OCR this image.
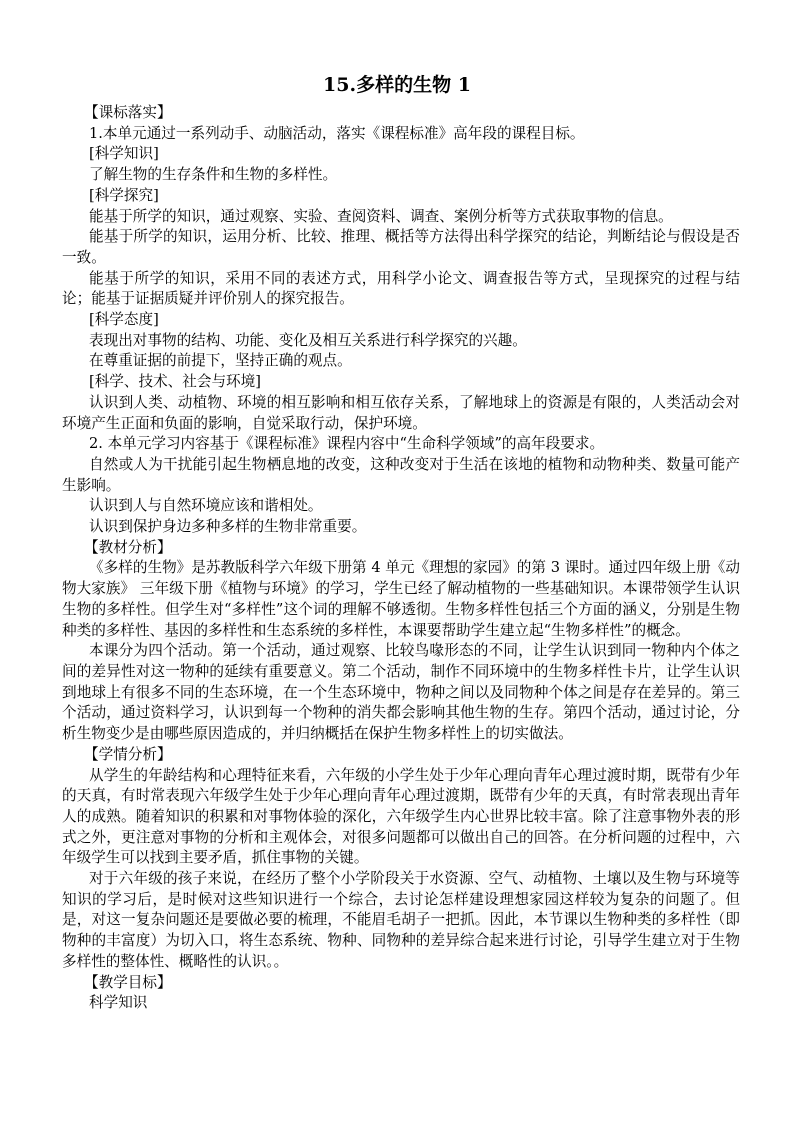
15.多样的生物 1

【课标落实】

1.本单元通过一系列动手、动脑活动，落实《课程标准》高年段的课程目标。

[科学知识]

了解生物的生存条件和生物的多样性。

[科学探究]

能基于所学的知识，通过观察、实验、查阅资料、调查、案例分析等方式获取事物的信息。

能基于所学的知识，运用分析、比较、推理、概括等方法得出科学探究的结论，判断结论与假设是否一致。

能基于所学的知识，采用不同的表述方式，用科学小论文、调查报告等方式，呈现探究的过程与结论；能基于证据质疑并评价别人的探究报告。

[科学态度]

表现出对事物的结构、功能、变化及相互关系进行科学探究的兴趣。

在尊重证据的前提下，坚持正确的观点。

[科学、技术、社会与环境]

认识到人类、动植物、环境的相互影响和相互依存关系，了解地球上的资源是有限的，人类活动会对环境产生正面和负面的影响，自觉采取行动，保护环境。

2. 本单元学习内容基于《课程标准》课程内容中“生命科学领域”的高年段要求。

自然或人为干扰能引起生物栖息地的改变，这种改变对于生活在该地的植物和动物种类、数量可能产生影响。

认识到人与自然环境应该和谐相处。

认识到保护身边多种多样的生物非常重要。

【教材分析】

《多样的生物》是苏教版科学六年级下册第 4 单元《理想的家园》的第 3 课时。通过四年级上册《动物大家族》 三年级下册《植物与环境》的学习，学生已经了解动植物的一些基础知识。本课带领学生认识生物的多样性。但学生对“多样性”这个词的理解不够透彻。生物多样性包括三个方面的涵义，分别是生物种类的多样性、基因的多样性和生态系统的多样性，本课要帮助学生建立起“生物多样性”的概念。

本课分为四个活动。第一个活动，通过观察、比较鸟喙形态的不同，让学生认识到同一物种内个体之间的差异性对这一物种的延续有重要意义。第二个活动，制作不同环境中的生物多样性卡片，让学生认识到地球上有很多不同的生态环境，在一个生态环境中，物种之间以及同物种个体之间是存在差异的。第三个活动，通过资料学习，认识到每一个物种的消失都会影响其他生物的生存。第四个活动，通过讨论，分析生物变少是由哪些原因造成的，并归纳概括在保护生物多样性上的切实做法。

【学情分析】

从学生的年龄结构和心理特征来看，六年级的小学生处于少年心理向青年心理过渡时期，既带有少年的天真，有时常表现六年级学生处于少年心理向青年心理过渡期，既带有少年的天真，有时常表现出青年人的成熟。随着知识的积累和对事物体验的深化，六年级学生内心世界比较丰富。除了注意事物外表的形式之外，更注意对事物的分析和主观体会，对很多问题都可以做出自己的回答。在分析问题的过程中，六年级学生可以找到主要矛盾，抓住事物的关键。

对于六年级的孩子来说，在经历了整个小学阶段关于水资源、空气、动植物、土壤以及生物与环境等知识的学习后，是时候对这些知识进行一个综合，去讨论怎样建设理想家园这样较为复杂的问题了。但是，对这一复杂问题还是要做必要的梳理，不能眉毛胡子一把抓。因此，本节课以生物种类的多样性（即物种的丰富度）为切入口，将生态系统、物种、同物种的差异综合起来进行讨论，引导学生建立对于生物多样性的整体性、概略性的认识。。

【教学目标】

科学知识
